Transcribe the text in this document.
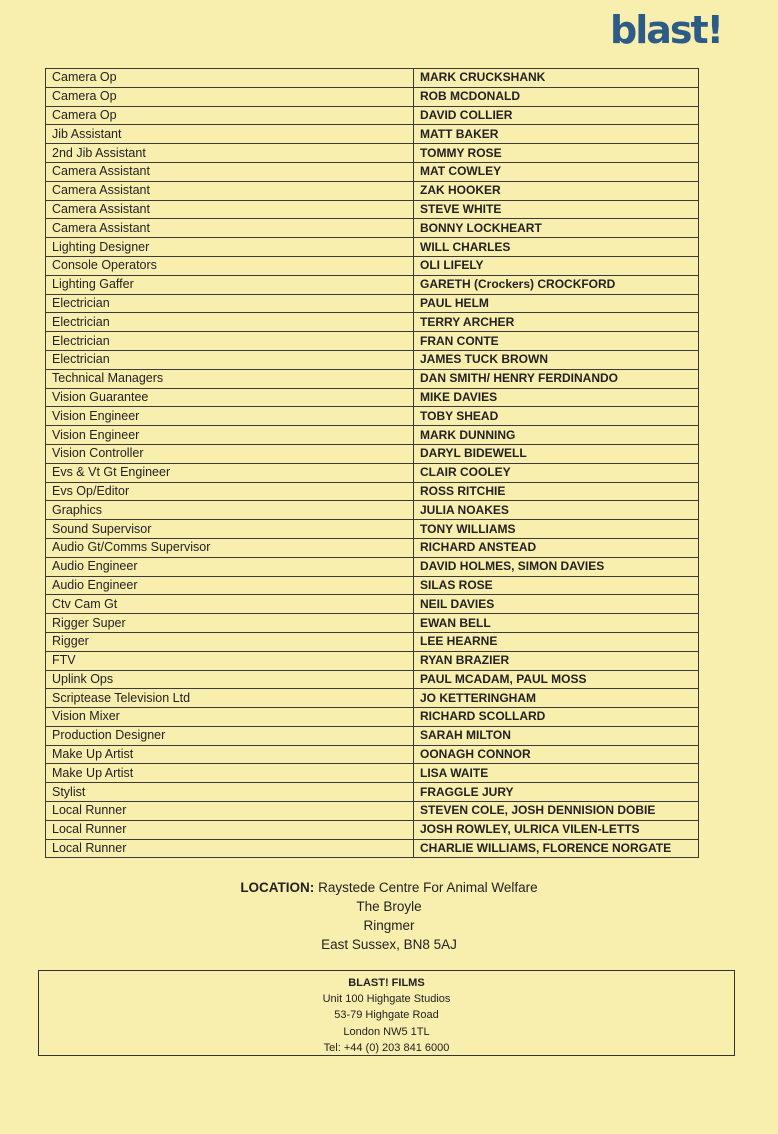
blast!
Camera Op	MARK CRUCKSHANK
Camera Op	ROB MCDONALD
Camera Op	DAVID COLLIER
Jib Assistant	MATT BAKER
2nd Jib Assistant	TOMMY ROSE
Camera Assistant	MAT COWLEY
Camera Assistant	ZAK HOOKER
Camera Assistant	STEVE WHITE
Camera Assistant	BONNY LOCKHEART
Lighting Designer	WILL CHARLES
Console Operators	OLI LIFELY
Lighting Gaffer	GARETH (Crockers) CROCKFORD
Electrician	PAUL HELM
Electrician	TERRY ARCHER
Electrician	FRAN CONTE
Electrician	JAMES TUCK BROWN
Technical Managers	DAN SMITH/ HENRY FERDINANDO
Vision Guarantee	MIKE DAVIES
Vision Engineer	TOBY SHEAD
Vision Engineer	MARK DUNNING
Vision Controller	DARYL BIDEWELL
Evs & Vt Gt Engineer	CLAIR COOLEY
Evs Op/Editor	ROSS RITCHIE
Graphics	JULIA NOAKES
Sound Supervisor	TONY WILLIAMS
Audio Gt/Comms Supervisor	RICHARD ANSTEAD
Audio Engineer	DAVID HOLMES, SIMON DAVIES
Audio Engineer	SILAS ROSE
Ctv Cam Gt	NEIL DAVIES
Rigger Super	EWAN BELL
Rigger	LEE HEARNE
FTV	RYAN BRAZIER
Uplink Ops	PAUL MCADAM, PAUL MOSS
Scriptease Television Ltd	JO KETTERINGHAM
Vision Mixer	RICHARD SCOLLARD
Production Designer	SARAH MILTON
Make Up Artist	OONAGH CONNOR
Make Up Artist	LISA WAITE
Stylist	FRAGGLE JURY
Local Runner	STEVEN COLE, JOSH DENNISION DOBIE
Local Runner	JOSH ROWLEY, ULRICA VILEN-LETTS
Local Runner	CHARLIE WILLIAMS, FLORENCE NORGATE
LOCATION: Raystede Centre For Animal Welfare
The Broyle
Ringmer
East Sussex, BN8 5AJ
BLAST! FILMS
Unit 100 Highgate Studios
53-79 Highgate Road
London NW5 1TL
Tel: +44 (0) 203 841 6000
